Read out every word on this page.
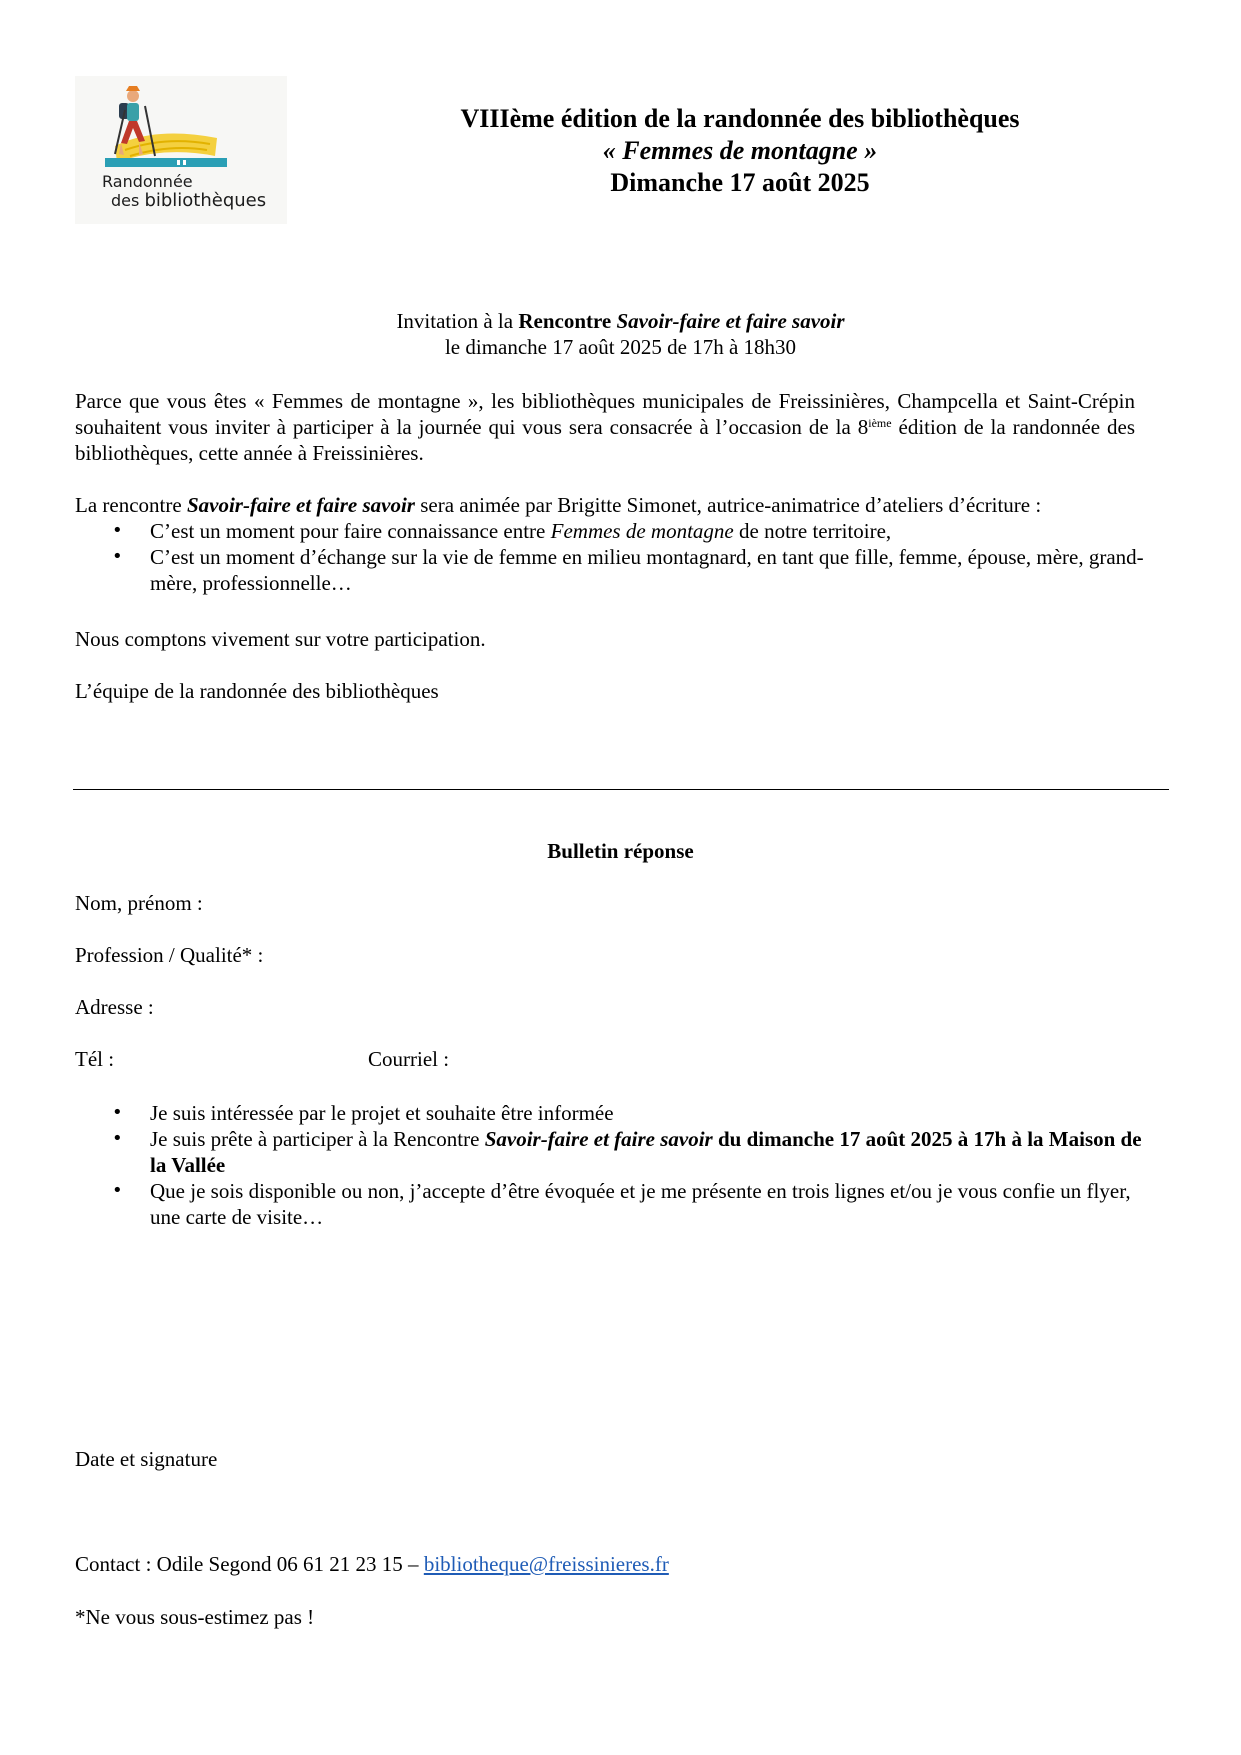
Randonnée
des bibliothèques
VIIIème édition de la randonnée des bibliothèques
« Femmes de montagne »
Dimanche 17 août 2025
Invitation à la Rencontre Savoir-faire et faire savoir
le dimanche 17 août 2025 de 17h à 18h30
Parce que vous êtes « Femmes de montagne », les bibliothèques municipales de Freissinières, Champcella et Saint-Crépin souhaitent vous inviter à participer à la journée qui vous sera consacrée à l’occasion de la 8ième édition de la randonnée des bibliothèques, cette année à Freissinières.
La rencontre Savoir-faire et faire savoir sera animée par Brigitte Simonet, autrice-animatrice d’ateliers d’écriture :
• C’est un moment pour faire connaissance entre Femmes de montagne de notre territoire,
• C’est un moment d’échange sur la vie de femme en milieu montagnard, en tant que fille, femme, épouse, mère, grand-mère, professionnelle…
Nous comptons vivement sur votre participation.
L’équipe de la randonnée des bibliothèques
Bulletin réponse
Nom, prénom :
Profession / Qualité* :
Adresse :
Tél :	Courriel :
• Je suis intéressée par le projet et souhaite être informée
• Je suis prête à participer à la Rencontre Savoir-faire et faire savoir du dimanche 17 août 2025 à 17h à la Maison de la Vallée
• Que je sois disponible ou non, j’accepte d’être évoquée et je me présente en trois lignes et/ou je vous confie un flyer, une carte de visite…
Date et signature
Contact : Odile Segond 06 61 21 23 15 – bibliotheque@freissinieres.fr
*Ne vous sous-estimez pas !
